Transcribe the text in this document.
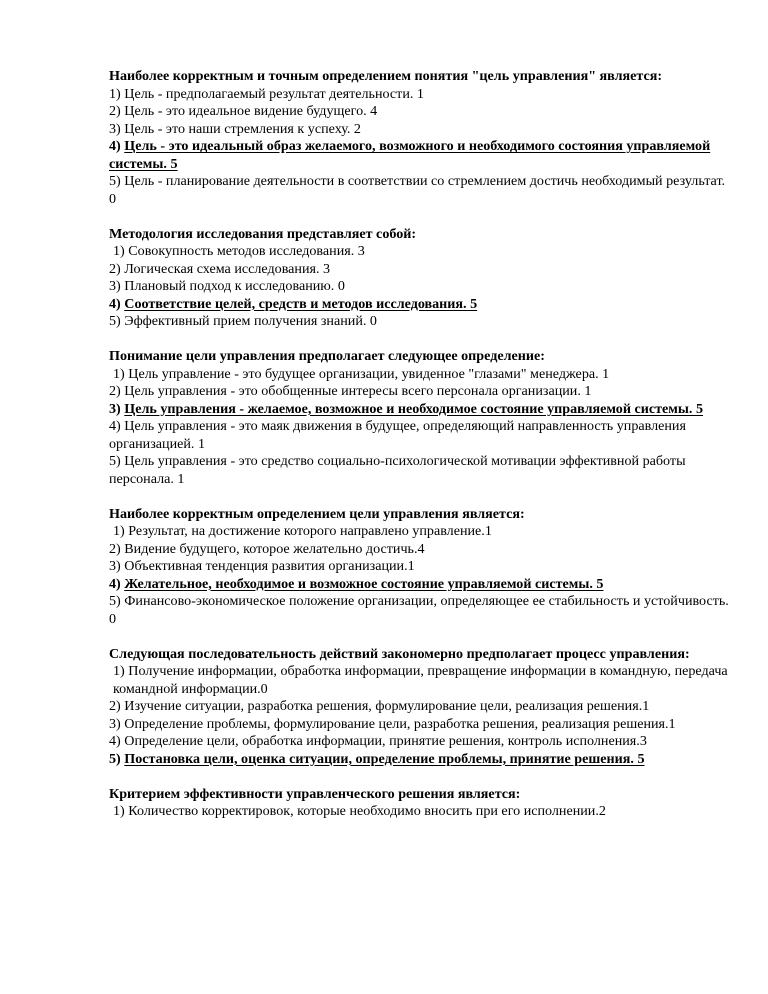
Наиболее корректным и точным определением понятия "цель управления" является:
1) Цель - предполагаемый результат деятельности. 1
2) Цель - это идеальное видение будущего. 4
3) Цель - это наши стремления к успеху. 2
4) Цель - это идеальный образ желаемого, возможного и необходимого состояния управляемой системы. 5
5) Цель - планирование деятельности в соответствии со стремлением достичь необходимый результат. 0
Методология исследования представляет собой:
1) Совокупность методов исследования. 3
2) Логическая схема исследования. 3
3) Плановый подход к исследованию. 0
4) Соответствие целей, средств и методов исследования. 5
5) Эффективный прием получения знаний. 0
Понимание цели управления предполагает следующее определение:
1) Цель управление - это будущее организации, увиденное "глазами" менеджера. 1
2) Цель управления - это обобщенные интересы всего персонала организации. 1
3) Цель управления - желаемое, возможное и необходимое состояние управляемой системы. 5
4) Цель управления - это маяк движения в будущее, определяющий направленность управления организацией. 1
5) Цель управления - это средство социально-психологической мотивации эффективной работы персонала. 1
Наиболее корректным определением цели управления является:
1) Результат, на достижение которого направлено управление.1
2) Видение будущего, которое желательно достичь.4
3) Объективная тенденция развития организации.1
4) Желательное, необходимое и возможное состояние управляемой системы. 5
5) Финансово-экономическое положение организации, определяющее ее стабильность и устойчивость. 0
Следующая последовательность действий закономерно предполагает процесс управления:
1) Получение информации, обработка информации, превращение информации в командную, передача командной информации.0
2) Изучение ситуации, разработка решения, формулирование цели, реализация решения.1
3) Определение проблемы, формулирование цели, разработка решения, реализация решения.1
4) Определение цели, обработка информации, принятие решения, контроль исполнения.3
5) Постановка цели, оценка ситуации, определение проблемы, принятие решения. 5
Критерием эффективности управленческого решения является:
1) Количество корректировок, которые необходимо вносить при его исполнении.2
